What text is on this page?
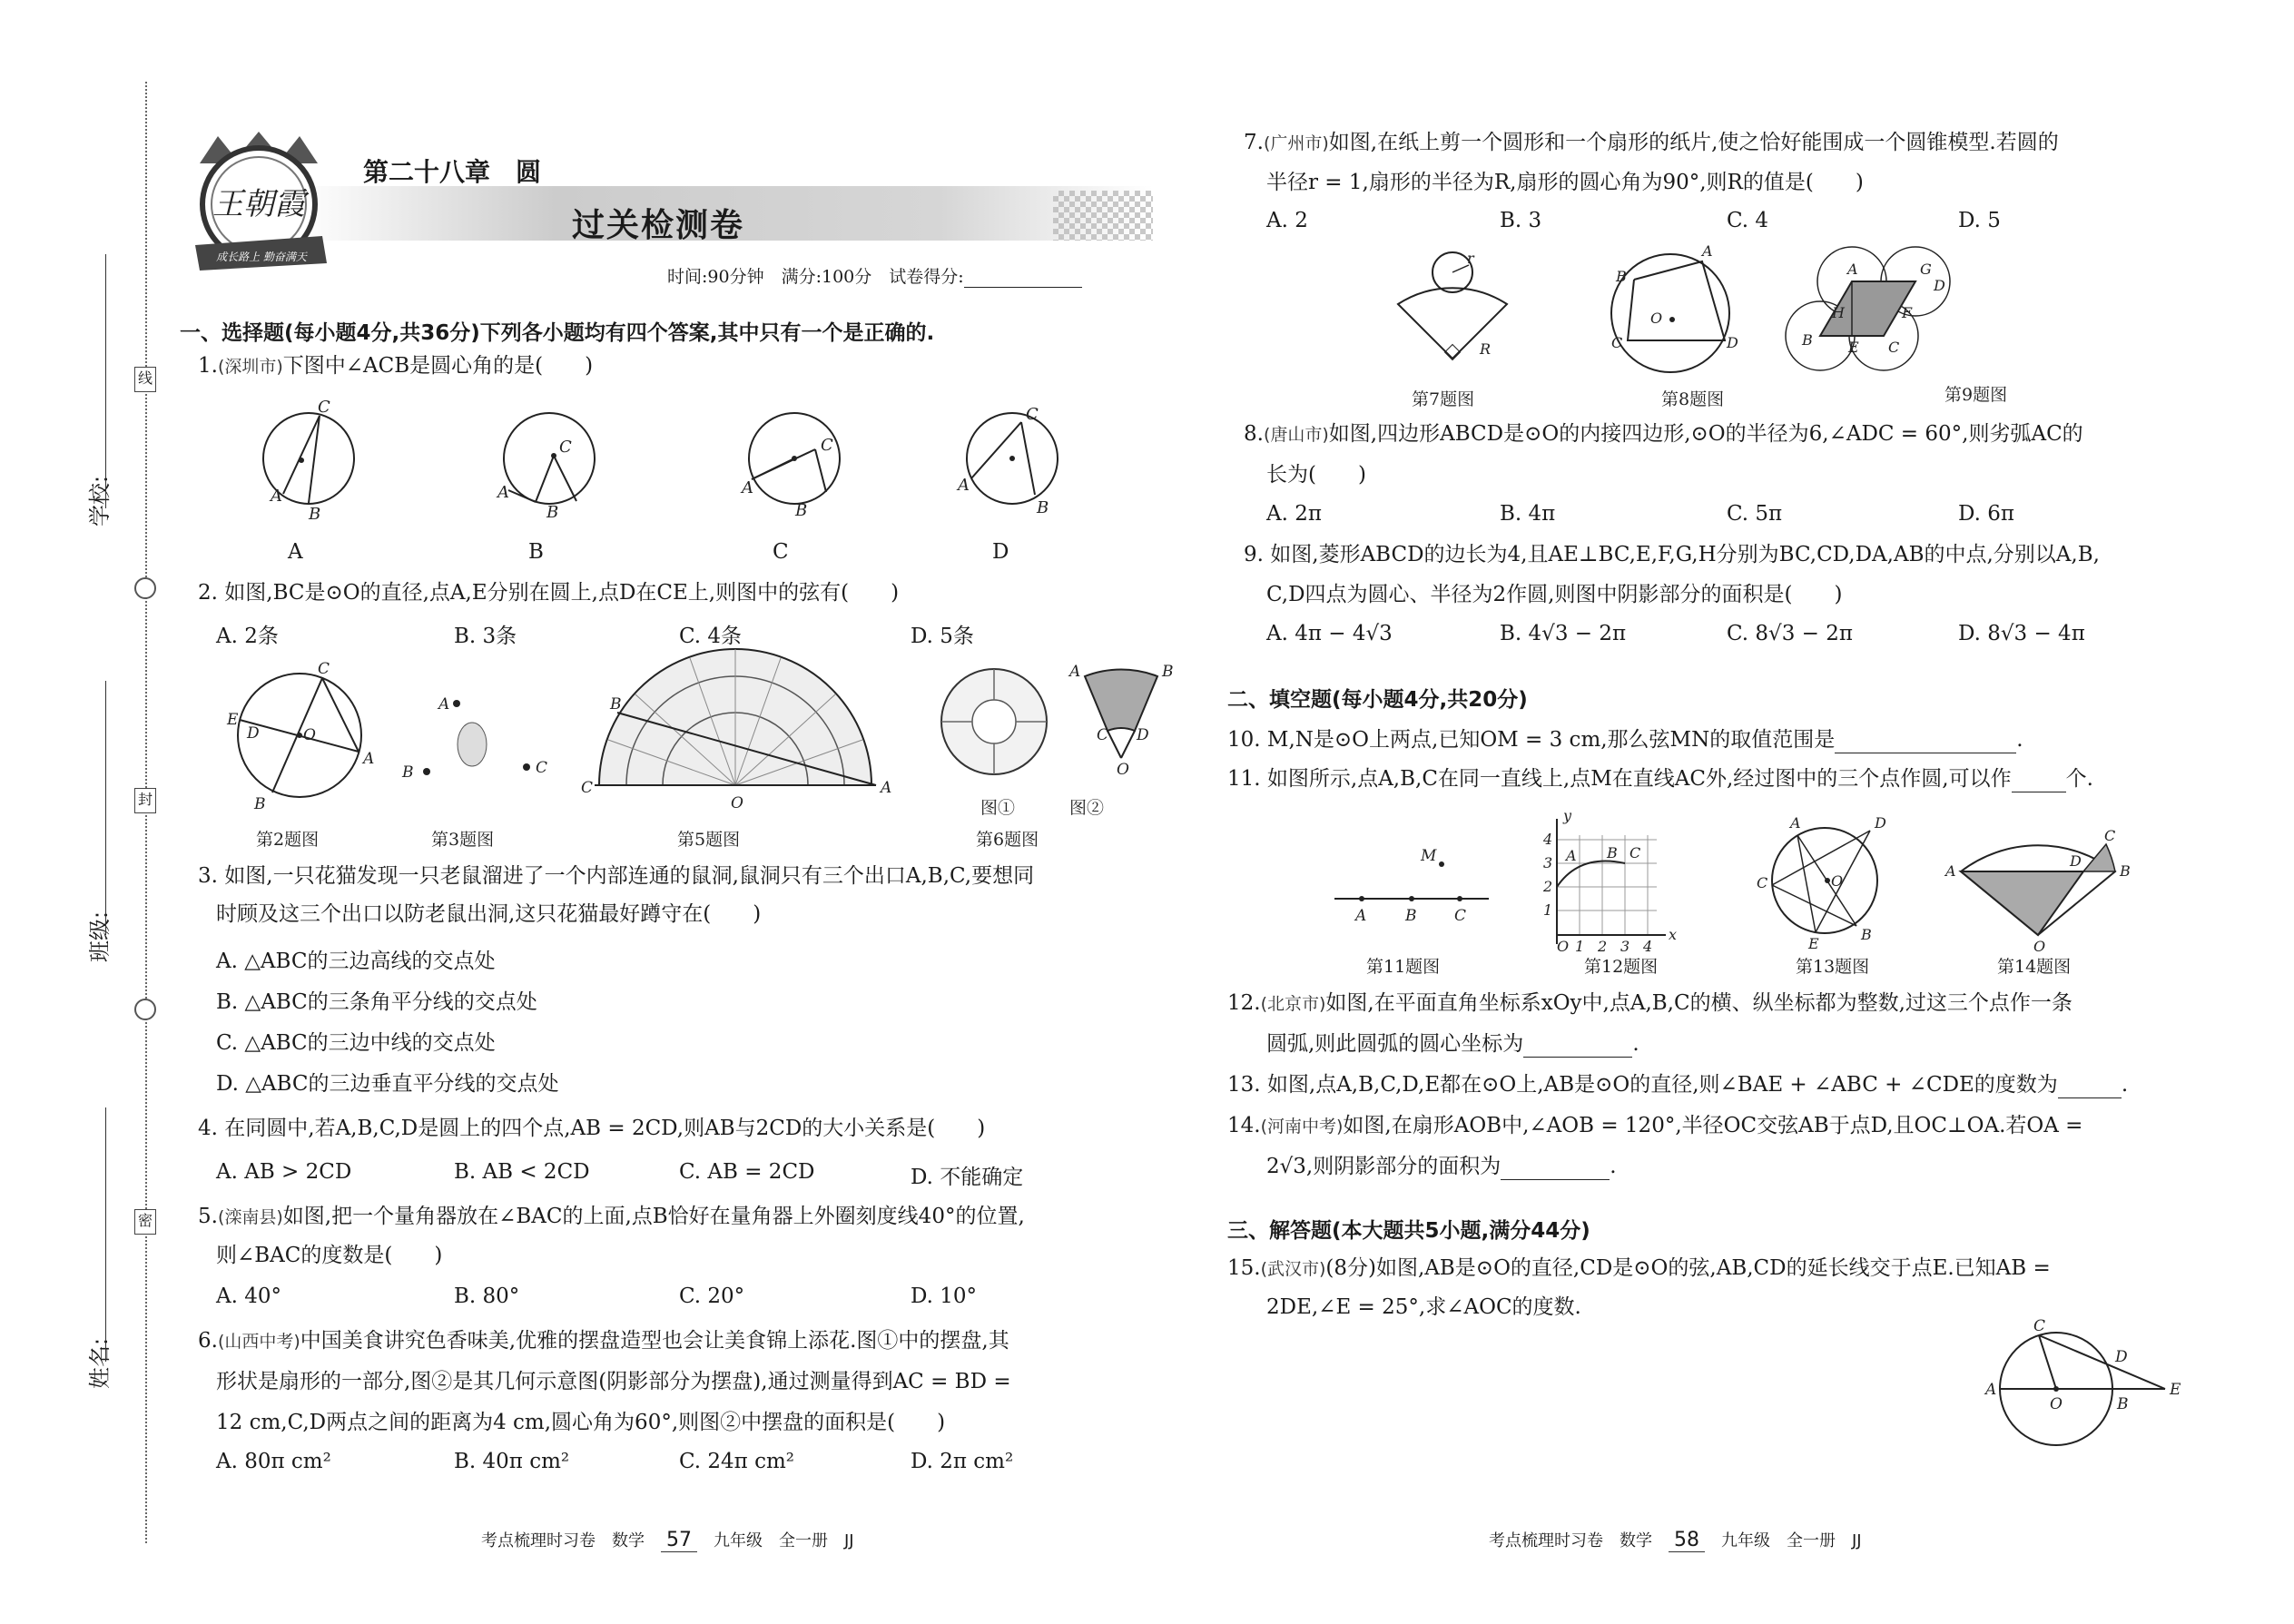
学校:
班级:
姓名:
线
封
密
王朝霞
成长路上 勤奋满天
第二十八章　圆
过关检测卷
时间:90分钟　满分:100分　试卷得分:
一、选择题(每小题4分,共36分)下列各小题均有四个答案,其中只有一个是正确的.
1.(深圳市)下图中∠ACB是圆心角的是(　　)
C
A
B
C
A
B
C
A
B
C
A
B
A	B	C	D
2. 如图,BC是⊙O的直径,点A,E分别在圆上,点D在CE上,则图中的弦有(　　)
A. 2条	B. 3条	C. 4条	D. 5条
C
E
D	O
A
B
A
B	C
C	A
O
B
A	B
C D
O
第2题图	第3题图	第5题图	第6题图
图①	图②
3. 如图,一只花猫发现一只老鼠溜进了一个内部连通的鼠洞,鼠洞只有三个出口A,B,C,要想同
时顾及这三个出口以防老鼠出洞,这只花猫最好蹲守在(　　)
A. △ABC的三边高线的交点处
B. △ABC的三条角平分线的交点处
C. △ABC的三边中线的交点处
D. △ABC的三边垂直平分线的交点处
4. 在同圆中,若A,B,C,D是圆上的四个点,AB = 2CD,则AB与2CD的大小关系是(　　)
A. AB > 2CD	B. AB < 2CD	C. AB = 2CD	D. 不能确定
5.(滦南县)如图,把一个量角器放在∠BAC的上面,点B恰好在量角器上外圈刻度线40°的位置,
则∠BAC的度数是(　　)
A. 40°	B. 80°	C. 20°	D. 10°
6.(山西中考)中国美食讲究色香味美,优雅的摆盘造型也会让美食锦上添花.图①中的摆盘,其
形状是扇形的一部分,图②是其几何示意图(阴影部分为摆盘),通过测量得到AC = BD =
12 cm,C,D两点之间的距离为4 cm,圆心角为60°,则图②中摆盘的面积是(　　)
A. 80π cm²	B. 40π cm²	C. 24π cm²	D. 2π cm²
考点梳理时习卷　数学　 57　 九年级　全一册　JJ
7.(广州市)如图,在纸上剪一个圆形和一个扇形的纸片,使之恰好能围成一个圆锥模型.若圆的
半径r = 1,扇形的半径为R,扇形的圆心角为90°,则R的值是(　　)
A. 2	B. 3	C. 4	D. 5
r
R
B
A
O
C	D
A	G
D
H	F
B E C
第7题图	第8题图	第9题图
8.(唐山市)如图,四边形ABCD是⊙O的内接四边形,⊙O的半径为6,∠ADC = 60°,则劣弧AC的
长为(　　)
A. 2π	B. 4π	C. 5π	D. 6π
9. 如图,菱形ABCD的边长为4,且AE⊥BC,E,F,G,H分别为BC,CD,DA,AB的中点,分别以A,B,
C,D四点为圆心、半径为2作圆,则图中阴影部分的面积是(　　)
A. 4π − 4√3	B. 4√3 − 2π	C. 8√3 − 2π	D. 8√3 − 4π
二、填空题(每小题4分,共20分)
10. M,N是⊙O上两点,已知OM = 3 cm,那么弦MN的取值范围是	.
11. 如图所示,点A,B,C在同一直线上,点M在直线AC外,经过图中的三个点作圆,可以作	个.
A	B C
M	A B C
O 1 2 3 4
x
4
3
2
1
y	A	D
C	O
E
B
A	B
C
D
O
第11题图	第12题图	第13题图	第14题图
12.(北京市)如图,在平面直角坐标系xOy中,点A,B,C的横、纵坐标都为整数,过这三个点作一条
圆弧,则此圆弧的圆心坐标为	.
13. 如图,点A,B,C,D,E都在⊙O上,AB是⊙O的直径,则∠BAE + ∠ABC + ∠CDE的度数为	.
14.(河南中考)如图,在扇形AOB中,∠AOB = 120°,半径OC交弦AB于点D,且OC⊥OA.若OA =
2√3,则阴影部分的面积为	.
三、解答题(本大题共5小题,满分44分)
15.(武汉市)(8分)如图,AB是⊙O的直径,CD是⊙O的弦,AB,CD的延长线交于点E.已知AB =
2DE,∠E = 25°,求∠AOC的度数.
C
D
A
O	B
E
考点梳理时习卷　数学　 58　 九年级　全一册　JJ
